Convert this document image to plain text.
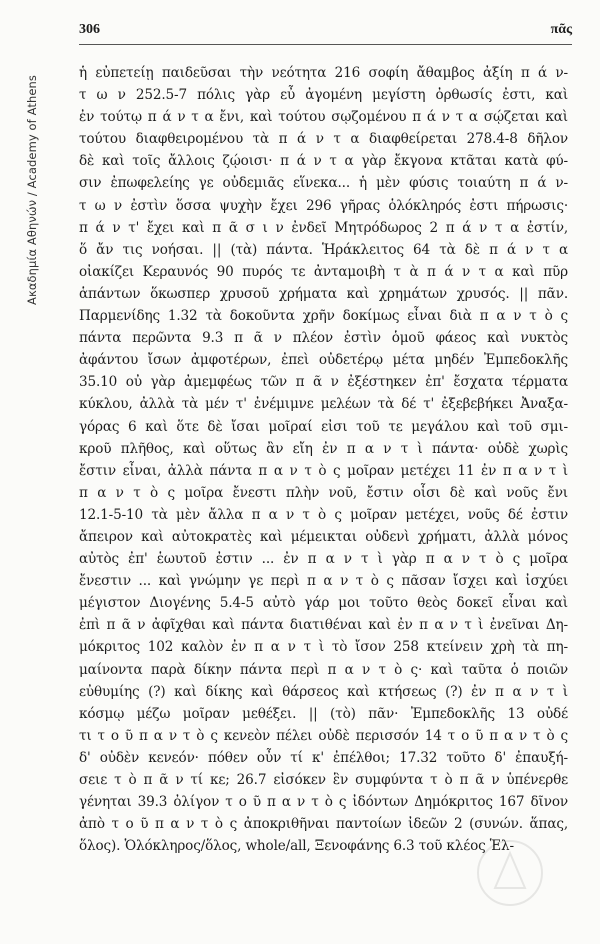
Ακαδημία Αθηνών / Academy of Athens
306	πᾶς
ἡ εὐπετείῃ παιδεῦσαι τὴν νεότητα 216 σοφίη ἄθαμβος ἀξίη π ά ν-
τ ω ν 252.5-7 πόλις γὰρ εὖ ἀγομένη μεγίστη ὀρθωσίς ἐστι, καὶ
ἐν τούτῳ π ά ν τ α ἔνι, καὶ τούτου σῳζομένου π ά ν τ α σῴζεται καὶ
τούτου διαφθειρομένου τὰ π ά ν τ α διαφθείρεται 278.4-8 δῆλον
δὲ καὶ τοῖς ἄλλοις ζῴοισι· π ά ν τ α γὰρ ἔκγονα κτᾶται κατὰ φύ-
σιν ἐπωφελείης γε οὐδεμιᾶς εἵνεκα... ἡ μὲν φύσις τοιαύτη π ά ν-
τ ω ν ἐστὶν ὅσσα ψυχὴν ἔχει 296 γῆρας ὁλόκληρός ἐστι πήρωσις·
π ά ν τ' ἔχει καὶ π ᾶ σ ι ν ἐνδεῖ Μητρόδωρος 2 π ά ν τ α ἐστίν,
ὅ ἄν τις νοήσαι. || (τὰ) πάντα. Ἡράκλειτος 64 τὰ δὲ π ά ν τ α
οἰακίζει Κεραυνός 90 πυρός τε ἀνταμοιβὴ τ ὰ π ά ν τ α καὶ πῦρ
ἁπάντων ὅκωσπερ χρυσοῦ χρήματα καὶ χρημάτων χρυσός. || πᾶν.
Παρμενίδης 1.32 τὰ δοκοῦντα χρῆν δοκίμως εἶναι διὰ π α ν τ ὸ ς
πάντα περῶντα 9.3 π ᾶ ν πλέον ἐστὶν ὁμοῦ φάεος καὶ νυκτὸς
ἀφάντου ἴσων ἀμφοτέρων, ἐπεὶ οὐδετέρῳ μέτα μηδέν Ἐμπεδοκλῆς
35.10 οὐ γὰρ ἀμεμφέως τῶν π ᾶ ν ἐξέστηκεν ἐπ' ἔσχατα τέρματα
κύκλου, ἀλλὰ τὰ μέν τ' ἐνέμιμνε μελέων τὰ δέ τ' ἐξεβεβήκει Ἀναξα-
γόρας 6 καὶ ὅτε δὲ ἴσαι μοῖραί εἰσι τοῦ τε μεγάλου καὶ τοῦ σμι-
κροῦ πλῆθος, καὶ οὕτως ἂν εἴη ἐν π α ν τ ὶ πάντα· οὐδὲ χωρὶς
ἔστιν εἶναι, ἀλλὰ πάντα π α ν τ ὸ ς μοῖραν μετέχει 11 ἐν π α ν τ ὶ
π α ν τ ὸ ς μοῖρα ἔνεστι πλὴν νοῦ, ἔστιν οἷσι δὲ καὶ νοῦς ἔνι
12.1-5-10 τὰ μὲν ἄλλα π α ν τ ὸ ς μοῖραν μετέχει, νοῦς δέ ἐστιν
ἄπειρον καὶ αὐτοκρατὲς καὶ μέμεικται οὐδενὶ χρήματι, ἀλλὰ μόνος
αὐτὸς ἐπ' ἑωυτοῦ ἐστιν ... ἐν π α ν τ ὶ γὰρ π α ν τ ὸ ς μοῖρα
ἔνεστιν ... καὶ γνώμην γε περὶ π α ν τ ὸ ς πᾶσαν ἴσχει καὶ ἰσχύει
μέγιστον Διογένης 5.4-5 αὐτὸ γάρ μοι τοῦτο θεὸς δοκεῖ εἶναι καὶ
ἐπὶ π ᾶ ν ἀφῖχθαι καὶ πάντα διατιθέναι καὶ ἐν π α ν τ ὶ ἐνεῖναι Δη-
μόκριτος 102 καλὸν ἐν π α ν τ ὶ τὸ ἴσον 258 κτείνειν χρὴ τὰ πη-
μαίνοντα παρὰ δίκην πάντα περὶ π α ν τ ὸ ς· καὶ ταῦτα ὁ ποιῶν
εὐθυμίης (?) καὶ δίκης καὶ θάρσεος καὶ κτήσεως (?) ἐν π α ν τ ὶ
κόσμῳ μέζω μοῖραν μεθέξει. || (τὸ) πᾶν· Ἐμπεδοκλῆς 13 οὐδέ
τι τ ο ῦ π α ν τ ὸ ς κενεὸν πέλει οὐδὲ περισσόν 14 τ ο ῦ π α ν τ ὸ ς
δ' οὐδὲν κενεόν· πόθεν οὖν τί κ' ἐπέλθοι; 17.32 τοῦτο δ' ἐπαυξή-
σειε τ ὸ π ᾶ ν τί κε; 26.7 εἰσόκεν ἓν συμφύντα τ ὸ π ᾶ ν ὑπένερθε
γένηται 39.3 ὀλίγον τ ο ῦ π α ν τ ὸ ς ἰδόντων Δημόκριτος 167 δῖνον
ἀπὸ τ ο ῦ π α ν τ ὸ ς ἀποκριθῆναι παντοίων ἰδεῶν 2 (συνών. ἅπας,
ὅλος). Ὁλόκληρος/ὅλος, whole/all, Ξενοφάνης 6.3 τοῦ κλέος Ἑλ-
